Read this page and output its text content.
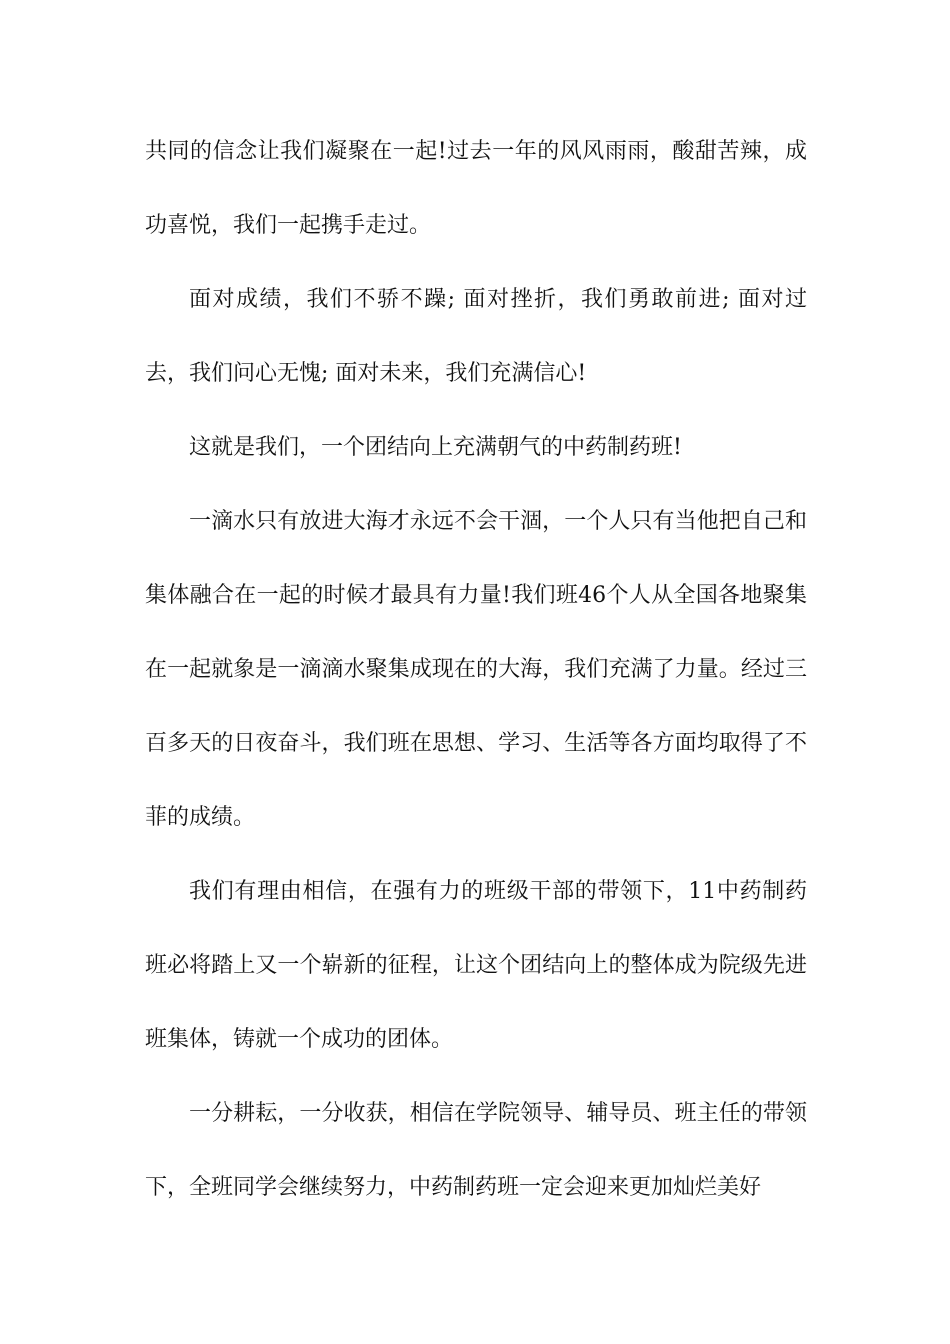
共同的信念让我们凝聚在一起!过去一年的风风雨雨，酸甜苦辣，成功喜悦，我们一起携手走过。

面对成绩，我们不骄不躁; 面对挫折，我们勇敢前进; 面对过去，我们问心无愧; 面对未来，我们充满信心!

这就是我们，一个团结向上充满朝气的中药制药班!

一滴水只有放进大海才永远不会干涸，一个人只有当他把自己和集体融合在一起的时候才最具有力量!我们班46个人从全国各地聚集在一起就象是一滴滴水聚集成现在的大海，我们充满了力量。经过三百多天的日夜奋斗，我们班在思想、学习、生活等各方面均取得了不菲的成绩。

我们有理由相信，在强有力的班级干部的带领下，11中药制药班必将踏上又一个崭新的征程，让这个团结向上的整体成为院级先进班集体，铸就一个成功的团体。

一分耕耘，一分收获，相信在学院领导、辅导员、班主任的带领下，全班同学会继续努力，中药制药班一定会迎来更加灿烂美好
